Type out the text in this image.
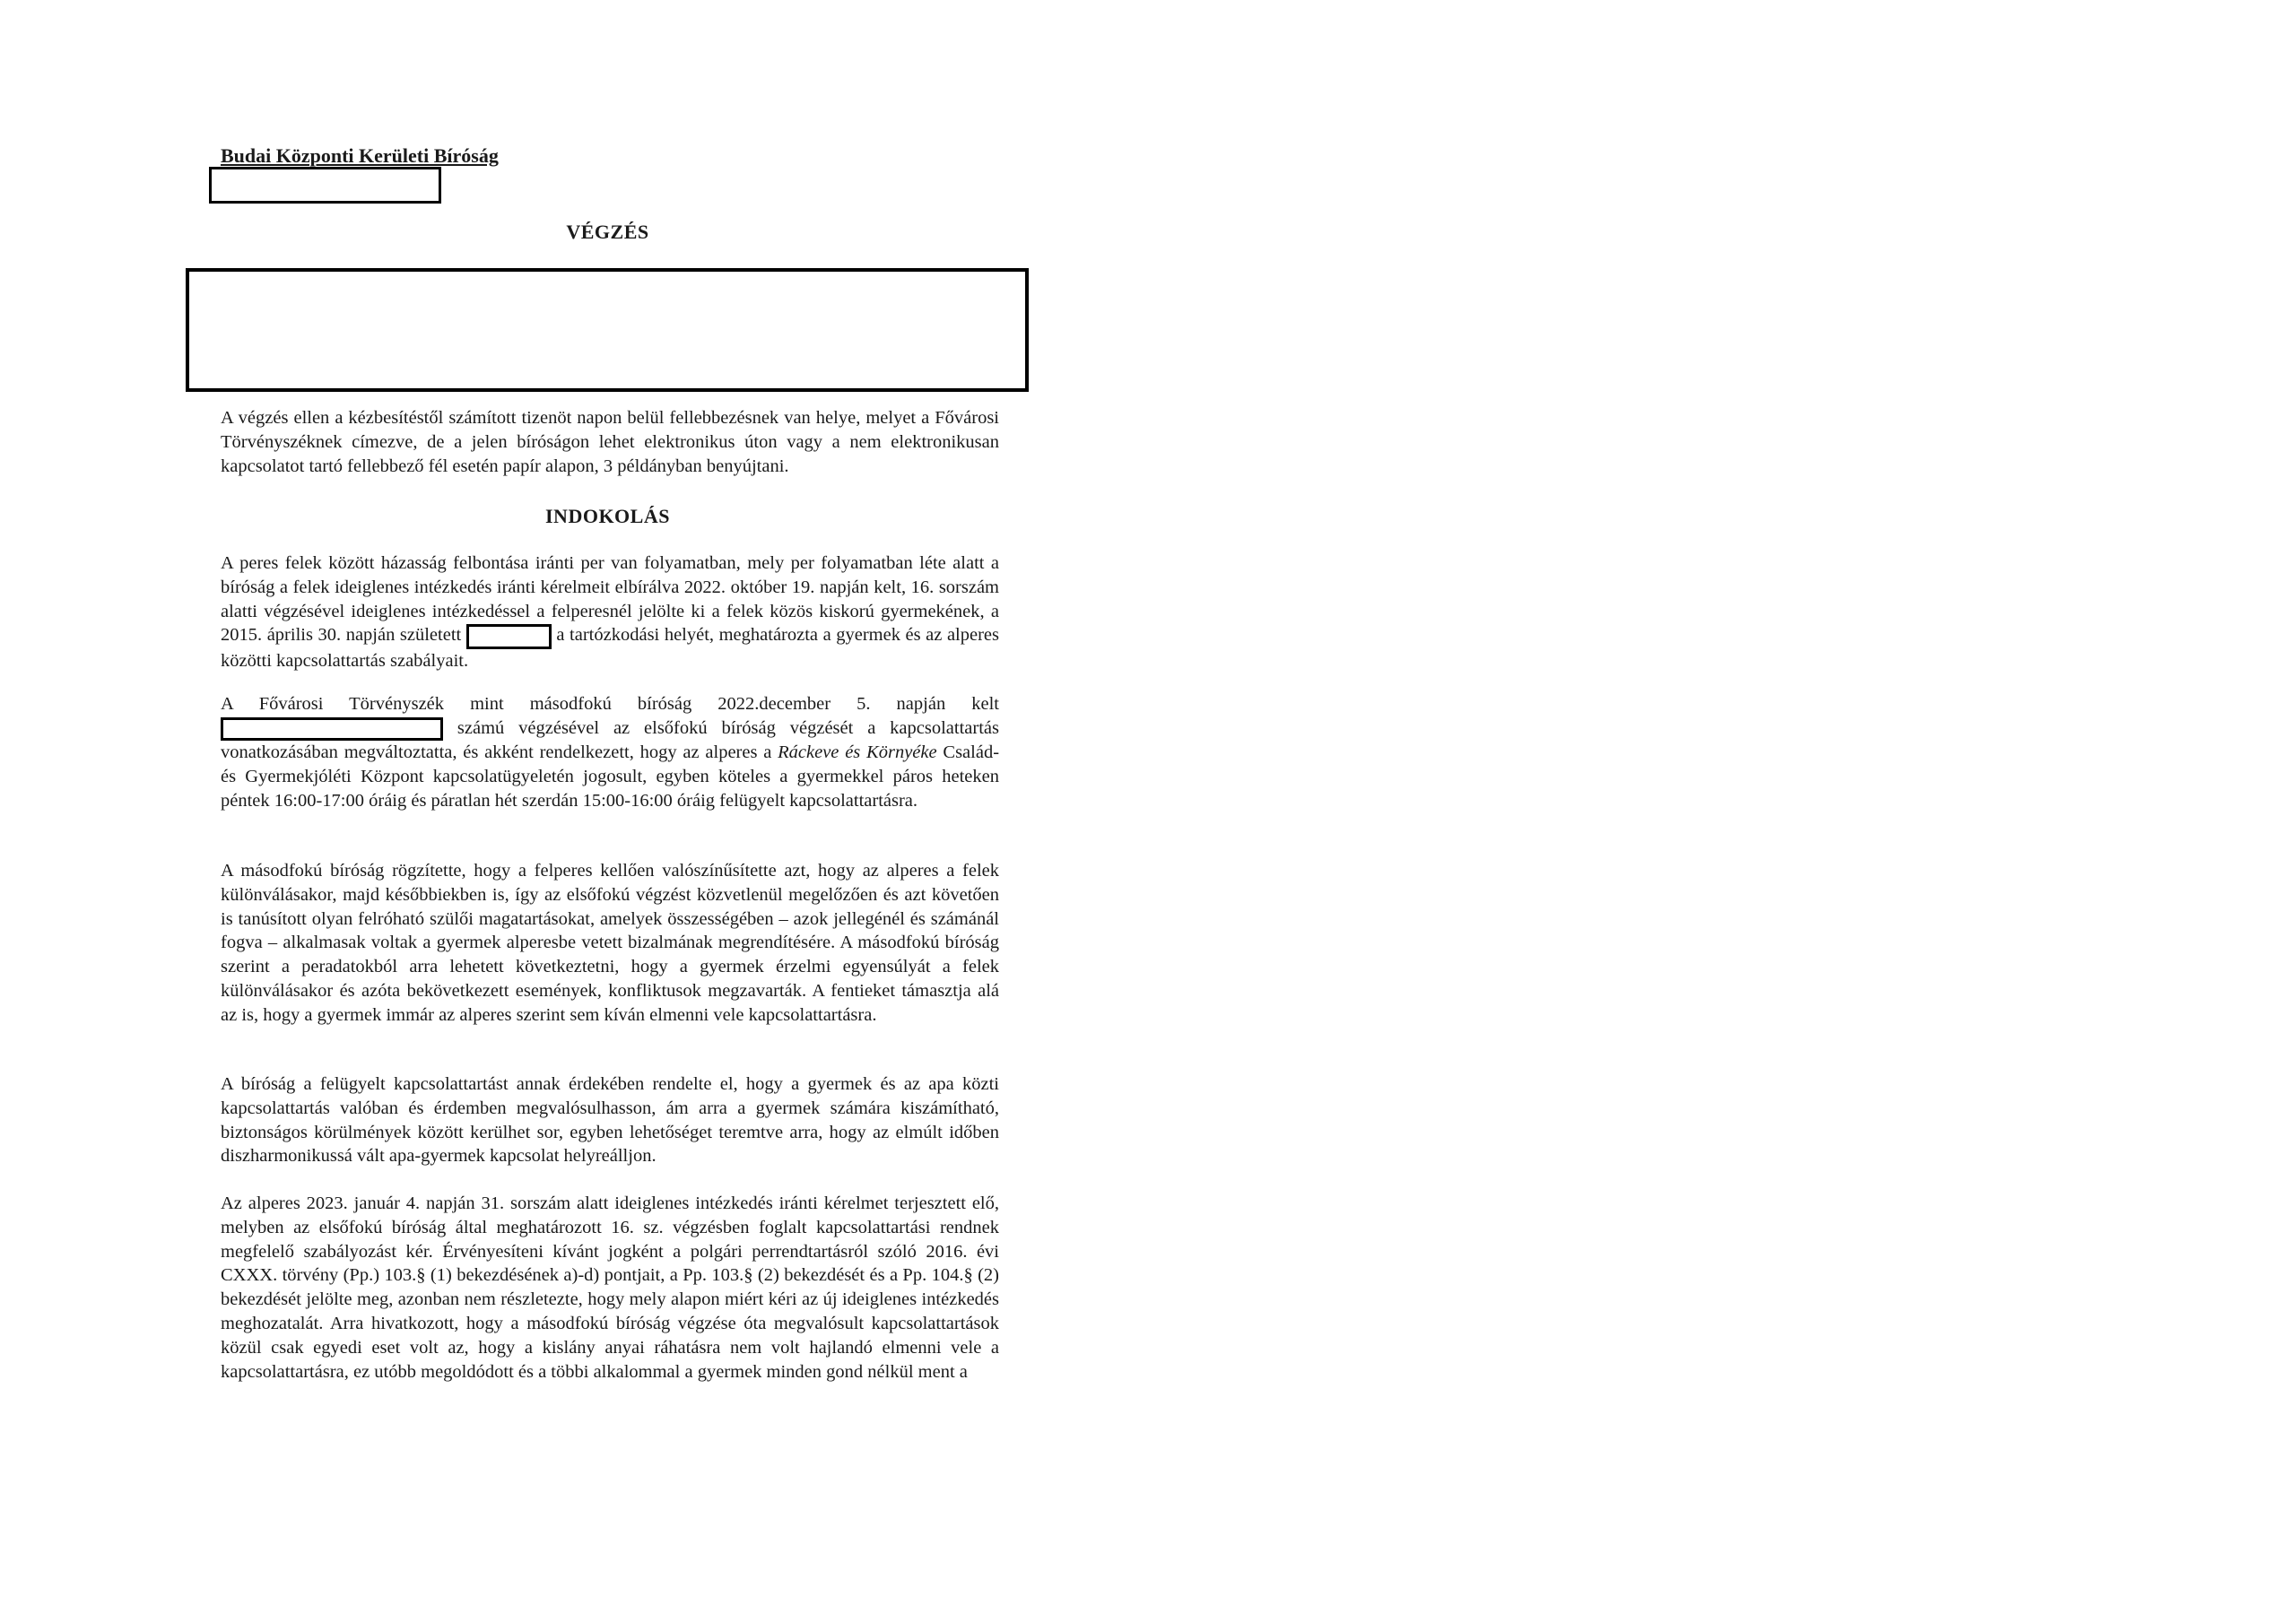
Budai Központi Kerületi Bíróság
VÉGZÉS

A végzés ellen a kézbesítéstől számított tizenöt napon belül fellebbezésnek van helye, melyet a Fővárosi Törvényszéknek címezve, de a jelen bíróságon lehet elektronikus úton vagy a nem elektronikusan kapcsolatot tartó fellebbező fél esetén papír alapon, 3 példányban benyújtani.

INDOKOLÁS

A peres felek között házasság felbontása iránti per van folyamatban, mely per folyamatban léte alatt a bíróság a felek ideiglenes intézkedés iránti kérelmeit elbírálva 2022. október 19. napján kelt, 16. sorszám alatti végzésével ideiglenes intézkedéssel a felperesnél jelölte ki a felek közös kiskorú gyermekének, a 2015. április 30. napján született	a tartózkodási helyét, meghatározta a gyermek és az alperes közötti kapcsolattartás szabályait.

A Fővárosi Törvényszék mint másodfokú bíróság 2022.december 5. napján kelt  számú végzésével az elsőfokú bíróság végzését a kapcsolattartás vonatkozásában megváltoztatta, és akként rendelkezett, hogy az alperes a Ráckeve és Környéke Család- és Gyermekjóléti Központ kapcsolatügyeletén jogosult, egyben köteles a gyermekkel páros heteken péntek 16:00-17:00 óráig és páratlan hét szerdán 15:00-16:00 óráig felügyelt kapcsolattartásra.

A másodfokú bíróság rögzítette, hogy a felperes kellően valószínűsítette azt, hogy az alperes a felek különválásakor, majd későbbiekben is, így az elsőfokú végzést közvetlenül megelőzően és azt követően is tanúsított olyan felróható szülői magatartásokat, amelyek összességében – azok jellegénél és számánál fogva – alkalmasak voltak a gyermek alperesbe vetett bizalmának megrendítésére. A másodfokú bíróság szerint a peradatokból arra lehetett következtetni, hogy a gyermek érzelmi egyensúlyát a felek különválásakor és azóta bekövetkezett események, konfliktusok megzavarták. A fentieket támasztja alá az is, hogy a gyermek immár az alperes szerint sem kíván elmenni vele kapcsolattartásra.

A bíróság a felügyelt kapcsolattartást annak érdekében rendelte el, hogy a gyermek és az apa közti kapcsolattartás valóban és érdemben megvalósulhasson, ám arra a gyermek számára kiszámítható, biztonságos körülmények között kerülhet sor, egyben lehetőséget teremtve arra, hogy az elmúlt időben diszharmonikussá vált apa-gyermek kapcsolat helyreálljon.

Az alperes 2023. január 4. napján 31. sorszám alatt ideiglenes intézkedés iránti kérelmet terjesztett elő, melyben az elsőfokú bíróság által meghatározott 16. sz. végzésben foglalt kapcsolattartási rendnek megfelelő szabályozást kér. Érvényesíteni kívánt jogként a polgári perrendtartásról szóló 2016. évi CXXX. törvény (Pp.) 103.§ (1) bekezdésének a)-d) pontjait, a Pp. 103.§ (2) bekezdését és a Pp. 104.§ (2) bekezdését jelölte meg, azonban nem részletezte, hogy mely alapon miért kéri az új ideiglenes intézkedés meghozatalát. Arra hivatkozott, hogy a másodfokú bíróság végzése óta megvalósult kapcsolattartások közül csak egyedi eset volt az, hogy a kislány anyai ráhatásra nem volt hajlandó elmenni vele a kapcsolattartásra, ez utóbb megoldódott és a többi alkalommal a gyermek minden gond nélkül ment a
